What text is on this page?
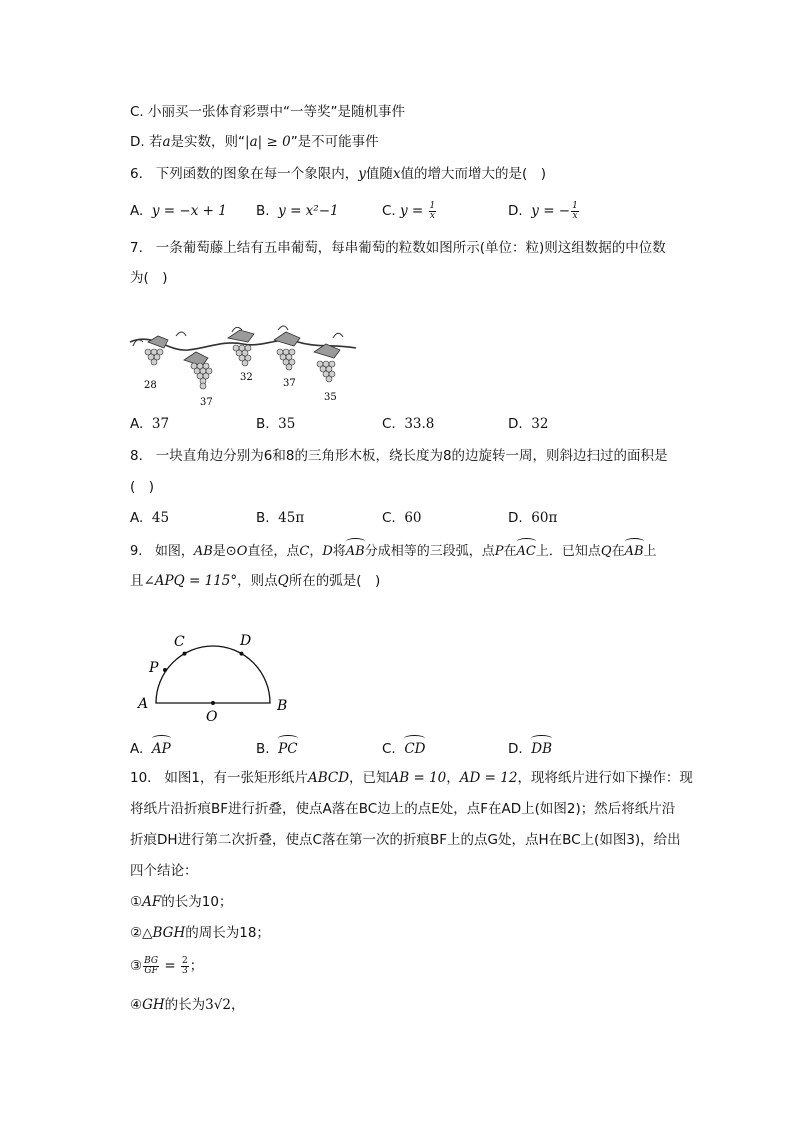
C. 小丽买一张体育彩票中“一等奖”是随机事件
D. 若a是实数，则“|a| ≥ 0”是不可能事件
6. 下列函数的图象在每一个象限内，y值随x值的增大而增大的是(　)
A. y = −x + 1 B. y = x²−1	C. $y = \frac{1}{x}$	D. y = − $\frac{1}{x}$
7. 一条葡萄藤上结有五串葡萄，每串葡萄的粒数如图所示(单位：粒)则这组数据的中位数
为(　)
28
37
32
37
35
A. 37	B. 35	C. 33.8	D. 32
8. 一块直角边分别为6和8的三角形木板，绕长度为8的边旋转一周，则斜边扫过的面积是
(　)
A. 45	B. 45π	C. 60	D. 60π
9. 如图，AB是⊙O直径，点C，D将AB分成相等的三段弧，点P在AC上．已知点Q在AB上
且∠APQ = 115°，则点Q所在的弧是(　)
A	B
C	D
O
P
A. AP	B. PC	C. CD	D. DB
10. 如图1，有一张矩形纸片ABCD，已知AB = 10，AD = 12，现将纸片进行如下操作：现
将纸片沿折痕BF进行折叠，使点A落在BC边上的点E处，点F在AD上(如图2)；然后将纸片沿
折痕DH进行第二次折叠，使点C落在第一次的折痕BF上的点G处，点H在BC上(如图3)，给出
四个结论：
①AF的长为10；
②△BGH的周长为18；
③ $\frac{BG}{GF} = \frac{2}{3}$ ；
④GH的长为3√2，
